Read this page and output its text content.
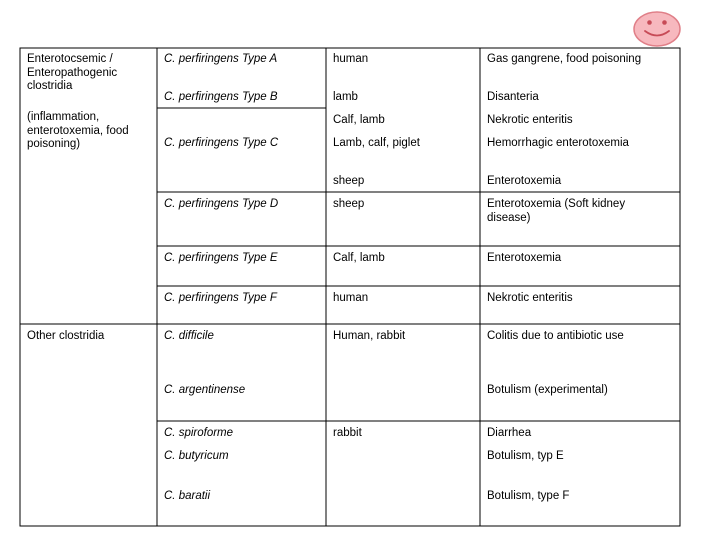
Enterotocsemic / Enteropathogenic clostridia
(inflammation, enterotoxemia, food poisoning)
Other clostridia
C. perfiringens Type A
C. perfiringens Type B
C. perfiringens Type C
C. perfiringens Type D
C. perfiringens Type E
C. perfiringens Type F
C. difficile
C. argentinense
C. spiroforme
C. butyricum
C. baratii
human
lamb
Calf, lamb
Lamb, calf, piglet
sheep
sheep
Calf, lamb
human
Human, rabbit
rabbit
Gas gangrene, food poisoning
Disanteria
Nekrotic enteritis
Hemorrhagic enterotoxemia
Enterotoxemia
Enterotoxemia (Soft kidney disease)
Enterotoxemia
Nekrotic enteritis
Colitis due to antibiotic use
Botulism (experimental)
Diarrhea
Botulism, typ E
Botulism, type F
